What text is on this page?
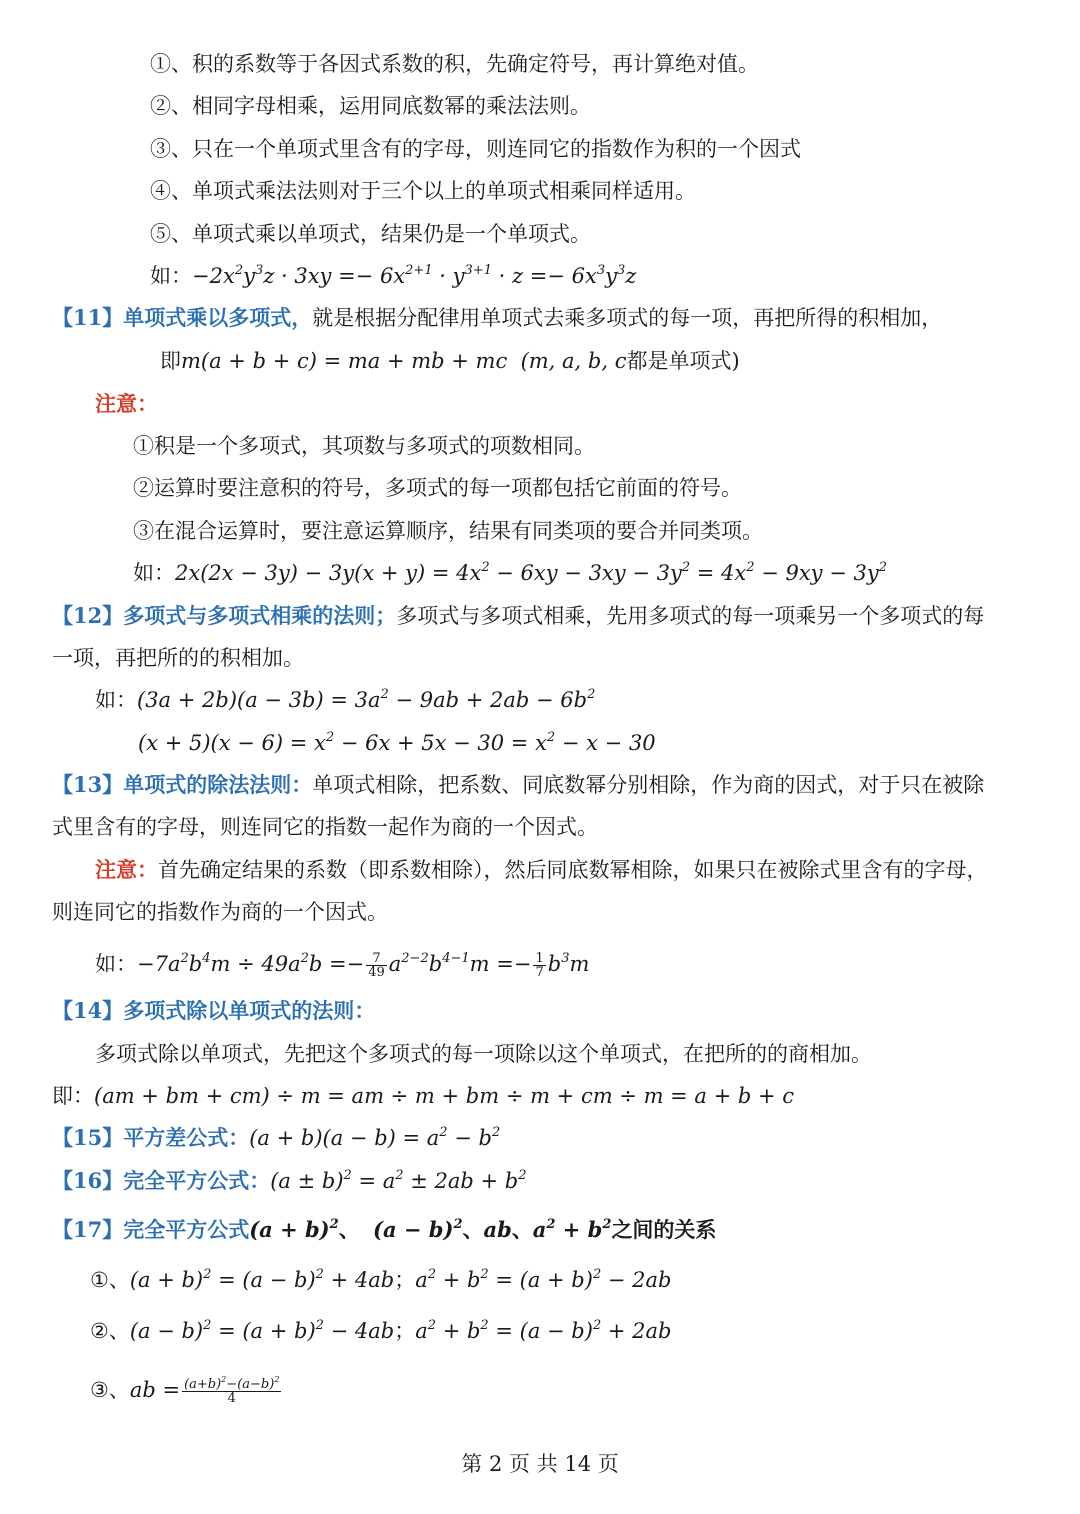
①、积的系数等于各因式系数的积，先确定符号，再计算绝对值。
②、相同字母相乘，运用同底数幂的乘法法则。
③、只在一个单项式里含有的字母，则连同它的指数作为积的一个因式
④、单项式乘法法则对于三个以上的单项式相乘同样适用。
⑤、单项式乘以单项式，结果仍是一个单项式。
如：$-2x^2y^3z \cdot 3xy =- 6x^{2+1} \cdot y^{3+1} \cdot z =- 6x^3y^3z$
【11】单项式乘以多项式，就是根据分配律用单项式去乘多项式的每一项，再把所得的积相加，
即m(a + b + c) = ma + mb + mc (m, a, b, c都是单项式)
注意：
①积是一个多项式，其项数与多项式的项数相同。
②运算时要注意积的符号，多项式的每一项都包括它前面的符号。
③在混合运算时，要注意运算顺序，结果有同类项的要合并同类项。
如：$2x(2x - 3y) - 3y(x + y) = 4x^2 - 6xy - 3xy - 3y^2 = 4x^2 - 9xy - 3y^2$
【12】多项式与多项式相乘的法则；多项式与多项式相乘，先用多项式的每一项乘另一个多项式的每
一项，再把所的的积相加。
如：$(3a + 2b)(a - 3b) = 3a^2 - 9ab + 2ab - 6b^2$
$(x + 5)(x - 6) = x^2 - 6x + 5x - 30 = x^2 - x - 30$
【13】单项式的除法法则：单项式相除，把系数、同底数幂分别相除，作为商的因式，对于只在被除
式里含有的字母，则连同它的指数一起作为商的一个因式。
注意：首先确定结果的系数（即系数相除），然后同底数幂相除，如果只在被除式里含有的字母，
则连同它的指数作为商的一个因式。
如：$-7a^2b^4m \div 49a^2b =- \frac{7}{49} a^{2-2}b^{4-1}m =- \frac{1}{7} b^3m$
【14】多项式除以单项式的法则：
多项式除以单项式，先把这个多项式的每一项除以这个单项式，在把所的的商相加。
即：(am + bm + cm) ÷ m = am ÷ m + bm ÷ m + cm ÷ m = a + b + c
【15】平方差公式：$(a + b)(a - b) = a^2 - b^2$
【16】完全平方公式：$(a \pm b)^2 = a^2 \pm 2ab + b^2$
【17】完全平方公式$(a + b)^2$、 $(a - b)^2$、ab、$a^2 + b^2$之间的关系
①、$(a + b)^2 = (a - b)^2 + 4ab$；$a^2 + b^2 = (a + b)^2 - 2ab$
②、$(a - b)^2 = (a + b)^2 - 4ab$；$a^2 + b^2 = (a - b)^2 + 2ab$
③、ab = $\frac{(a+b)^2-(a-b)^2}{4}$
第 2 页 共 14 页
